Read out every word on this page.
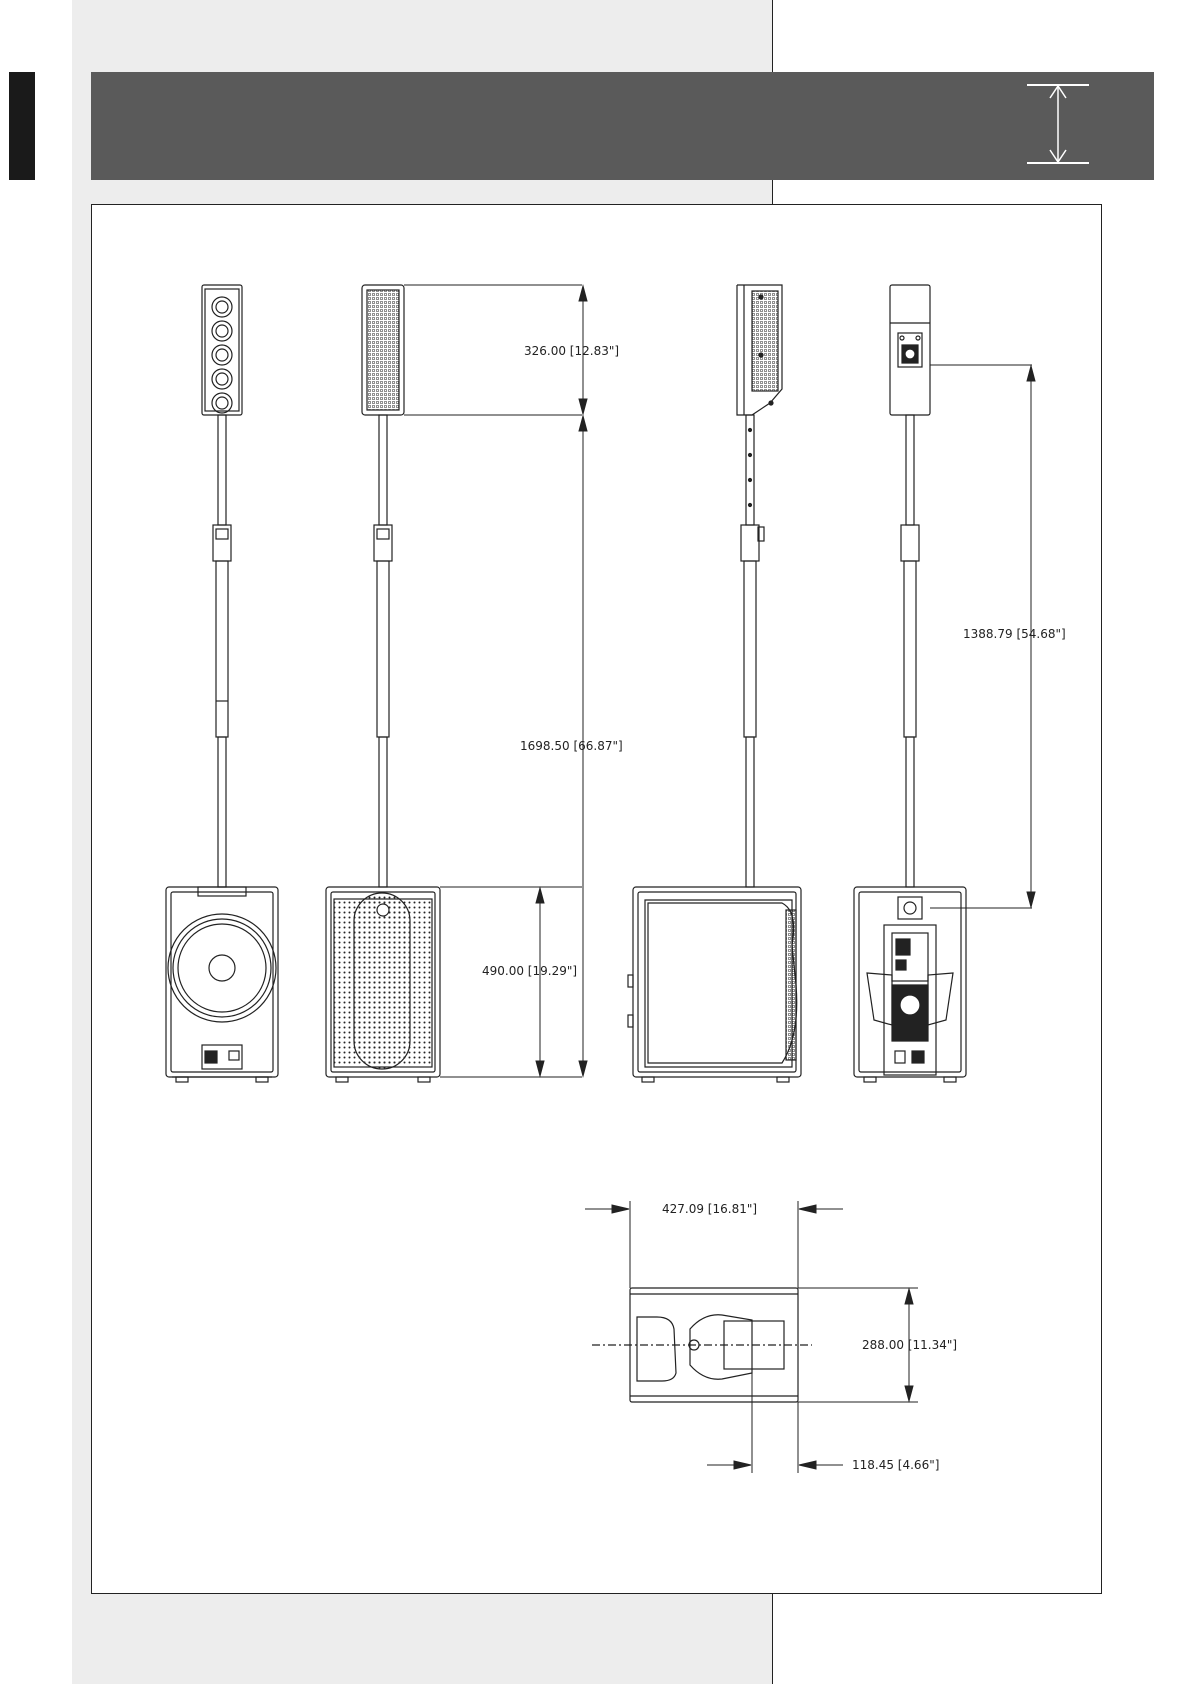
326.00 [12.83"]
1698.50 [66.87"]
490.00 [19.29"]
1388.79 [54.68"]
427.09 [16.81"]
288.00 [11.34"]
118.45 [4.66"]
